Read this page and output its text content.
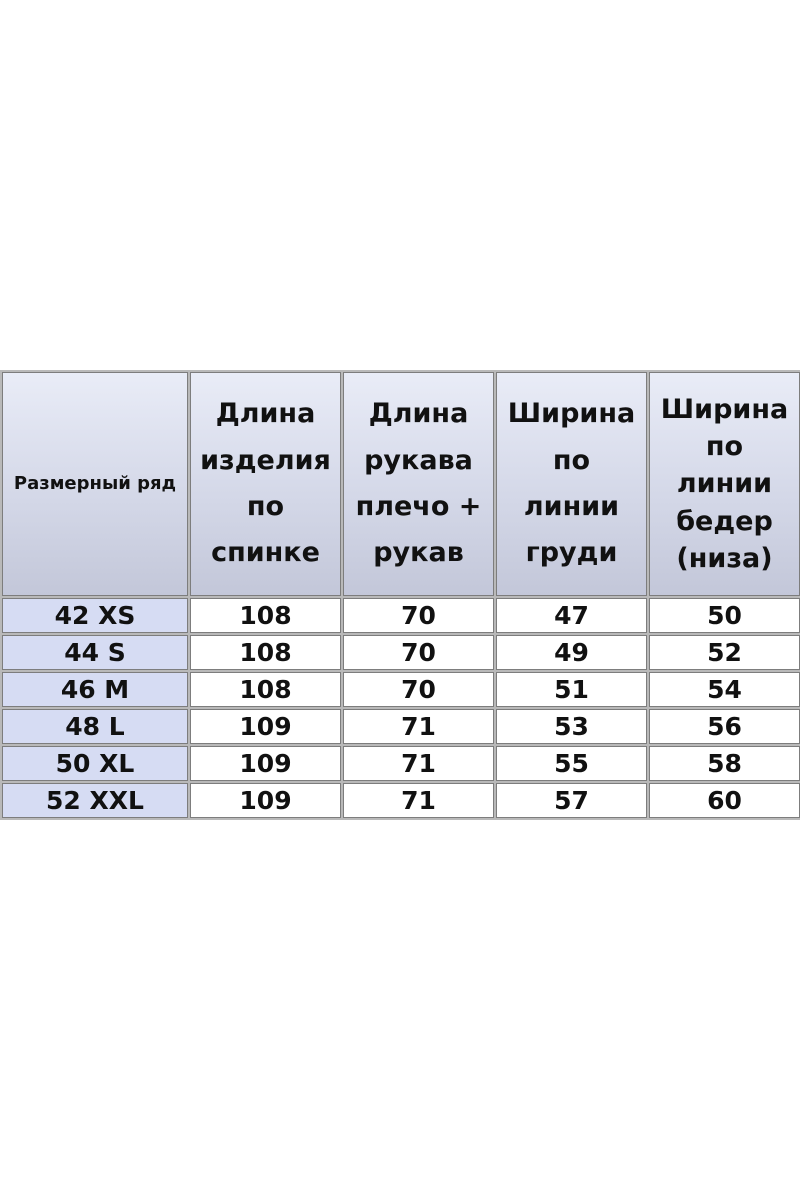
Размерный ряд	Длина
изделия
по
спинке	Длина
рукава
плечо +
рукав	Ширина
по
линии
груди	Ширина
по
линии
бедер
(низа)

42 XS	108	70	47	50
44 S	108	70	49	52
46 M	108	70	51	54
48 L	109	71	53	56
50 XL	109	71	55	58
52 XXL	109	71	57	60
